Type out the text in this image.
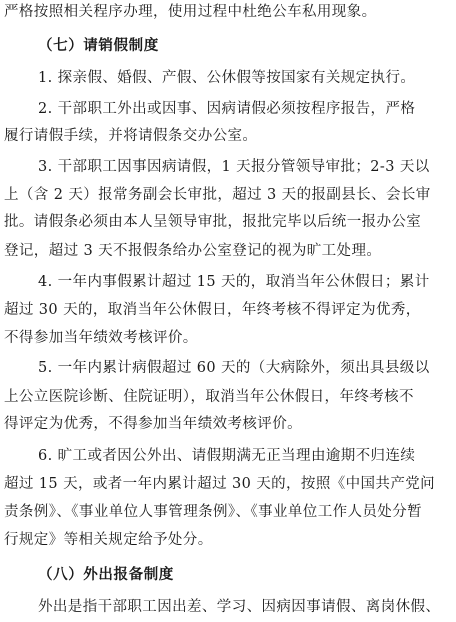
严格按照相关程序办理，使用过程中杜绝公车私用现象。
（七）请销假制度
1. 探亲假、婚假、产假、公休假等按国家有关规定执行。
2. 干部职工外出或因事、因病请假必须按程序报告，严格
履行请假手续，并将请假条交办公室。
3. 干部职工因事因病请假，1 天报分管领导审批；2-3 天以
上（含 2 天）报常务副会长审批，超过 3 天的报副县长、会长审
批。请假条必须由本人呈领导审批，报批完毕以后统一报办公室
登记，超过 3 天不报假条给办公室登记的视为旷工处理。
4. 一年内事假累计超过 15 天的，取消当年公休假日；累计
超过 30 天的，取消当年公休假日，年终考核不得评定为优秀，
不得参加当年绩效考核评价。
5. 一年内累计病假超过 60 天的（大病除外，须出具县级以
上公立医院诊断、住院证明），取消当年公休假日，年终考核不
得评定为优秀，不得参加当年绩效考核评价。
6. 旷工或者因公外出、请假期满无正当理由逾期不归连续
超过 15 天，或者一年内累计超过 30 天的，按照《中国共产党问
责条例》、《事业单位人事管理条例》、《事业单位工作人员处分暂
行规定》等相关规定给予处分。
（八）外出报备制度
外出是指干部职工因出差、学习、因病因事请假、离岗休假、
